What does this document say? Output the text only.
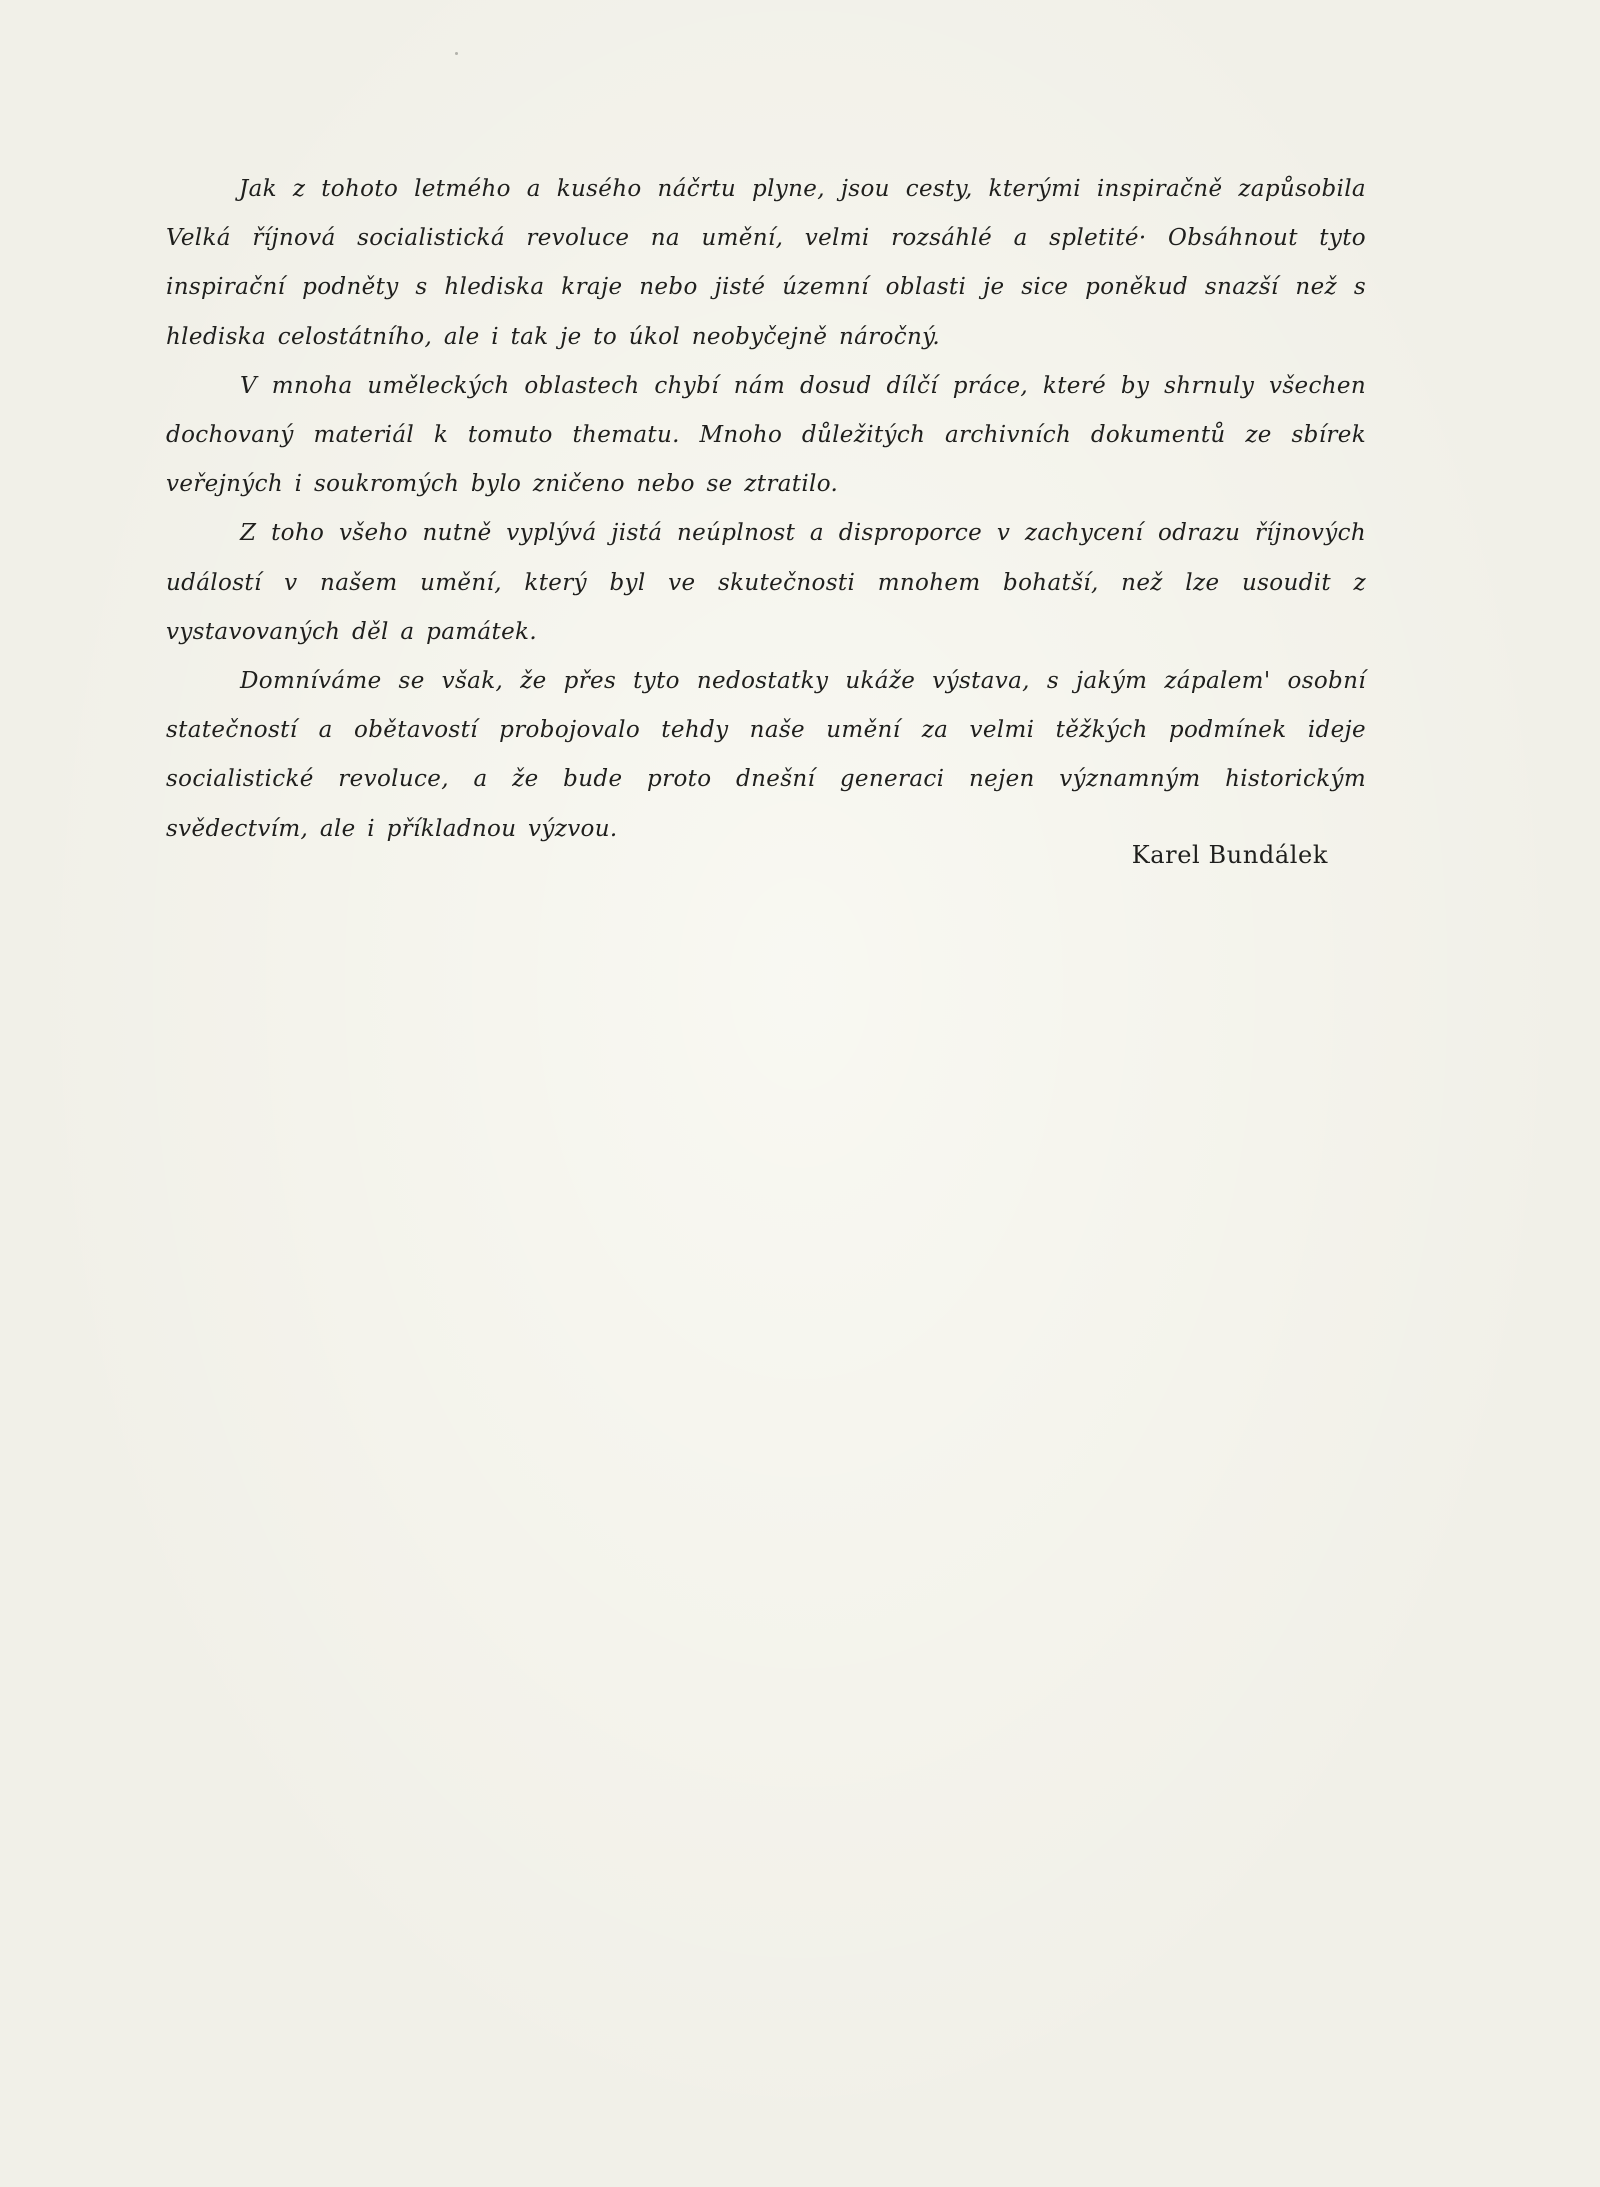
Jak z tohoto letmého a kusého náčrtu plyne, jsou cesty, kterými inspiračně zapůsobila Velká říjnová socialistická revoluce na umění, velmi rozsáhlé a spletité· Obsáhnout tyto inspirační podněty s hlediska kraje nebo jisté územní oblasti je sice poněkud snazší než s hlediska celostátního, ale i tak je to úkol neobyčejně náročný.

V mnoha uměleckých oblastech chybí nám dosud dílčí práce, které by shrnuly všechen dochovaný materiál k tomuto thematu. Mnoho důležitých archivních dokumentů ze sbírek veřejných i soukromých bylo zničeno nebo se ztratilo.

Z toho všeho nutně vyplývá jistá neúplnost a disproporce v zachycení odrazu říjnových událostí v našem umění, který byl ve skutečnosti mnohem bohatší, než lze usoudit z vystavovaných děl a památek.

Domníváme se však, že přes tyto nedostatky ukáže výstava, s jakým zápalem' osobní statečností a obětavostí probojovalo tehdy naše umění za velmi těžkých podmínek ideje socialistické revoluce, a že bude proto dnešní generaci nejen významným historickým svědectvím, ale i příkladnou výzvou.

Karel Bundálek
